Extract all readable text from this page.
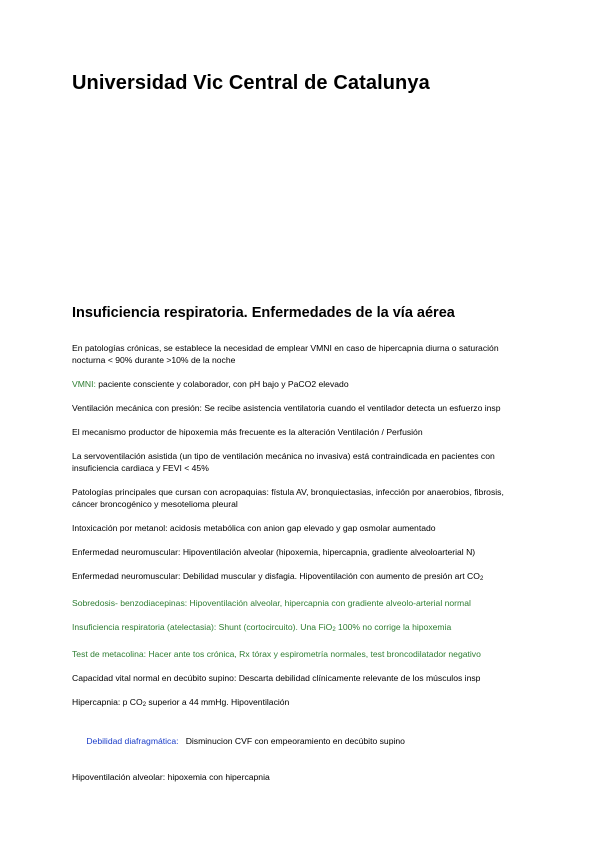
Universidad Vic Central de Catalunya
Insuficiencia respiratoria. Enfermedades de la vía aérea
En patologías crónicas, se establece la necesidad de emplear VMNI en caso de hipercapnia diurna o saturación nocturna < 90% durante >10% de la noche
VMNI: paciente consciente y colaborador, con pH bajo y PaCO2 elevado
Ventilación mecánica con presión: Se recibe asistencia ventilatoria cuando el ventilador detecta un esfuerzo insp
El mecanismo productor de hipoxemia más frecuente es la alteración Ventilación / Perfusión
La servoventilación asistida (un tipo de ventilación mecánica no invasiva) está contraindicada en pacientes con insuficiencia cardiaca y FEVI < 45%
Patologías principales que cursan con acropaquias: fístula AV, bronquiectasias, infección por anaerobios, fibrosis, cáncer broncogénico y mesotelioma pleural
Intoxicación por metanol: acidosis metabólica con anion gap elevado y gap osmolar aumentado
Enfermedad neuromuscular: Hipoventilación alveolar (hipoxemia, hipercapnia, gradiente alveoloarterial N)
Enfermedad neuromuscular: Debilidad muscular y disfagia. Hipoventilación con aumento de presión art CO2
Sobredosis- benzodiacepinas: Hipoventilación alveolar, hipercapnia con gradiente alveolo-arterial normal
Insuficiencia respiratoria (atelectasia): Shunt (cortocircuito). Una FiO2 100% no corrige la hipoxemia
Test de metacolina: Hacer ante tos crónica, Rx tórax y espirometría normales, test broncodilatador negativo
Capacidad vital normal en decúbito supino: Descarta debilidad clínicamente relevante de los músculos insp
Hipercapnia: p CO2 superior a 44 mmHg. Hipoventilación

Debilidad diafragmática:   Disminucion CVF con empeoramiento en decúbito supino

Hipoventilación alveolar: hipoxemia con hipercapnia
